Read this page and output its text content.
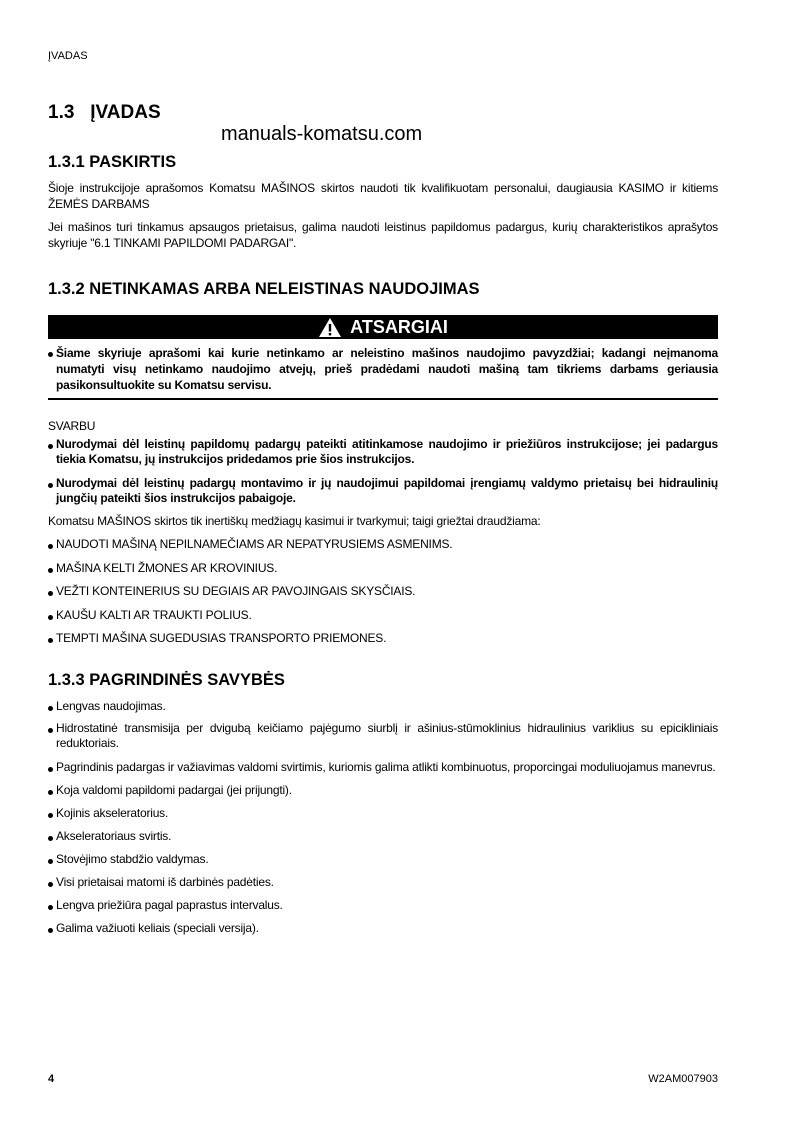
ĮVADAS
1.3 ĮVADAS
manuals-komatsu.com
1.3.1 PASKIRTIS

Šioje instrukcijoje aprašomos Komatsu MAŠINOS skirtos naudoti tik kvalifikuotam personalui, daugiausia KASIMO ir kitiems ŽEMĖS DARBAMS

Jei mašinos turi tinkamus apsaugos prietaisus, galima naudoti leistinus papildomus padargus, kurių charakteristikos aprašytos skyriuje "6.1 TINKAMI PAPILDOMI PADARGAI".

1.3.2 NETINKAMAS ARBA NELEISTINAS NAUDOJIMAS
ATSARGIAI

Šiame skyriuje aprašomi kai kurie netinkamo ar neleistino mašinos naudojimo pavyzdžiai; kadangi neįmanoma numatyti visų netinkamo naudojimo atvejų, prieš pradėdami naudoti mašiną tam tikriems darbams geriausia pasikonsultuokite su Komatsu servisu.

SVARBU

Nurodymai dėl leistinų papildomų padargų pateikti atitinkamose naudojimo ir priežiūros instrukcijose; jei padargus tiekia Komatsu, jų instrukcijos pridedamos prie šios instrukcijos.

Nurodymai dėl leistinų padargų montavimo ir jų naudojimui papildomai įrengiamų valdymo prietaisų bei hidraulinių jungčių pateikti šios instrukcijos pabaigoje.

Komatsu MAŠINOS skirtos tik inertiškų medžiagų kasimui ir tvarkymui; taigi griežtai draudžiama:

NAUDOTI MAŠINĄ NEPILNAMEČIAMS AR NEPATYRUSIEMS ASMENIMS.

MAŠINA KELTI ŽMONES AR KROVINIUS.

VEŽTI KONTEINERIUS SU DEGIAIS AR PAVOJINGAIS SKYSČIAIS.

KAUŠU KALTI AR TRAUKTI POLIUS.

TEMPTI MAŠINA SUGEDUSIAS TRANSPORTO PRIEMONES.

1.3.3 PAGRINDINĖS SAVYBĖS

Lengvas naudojimas.

Hidrostatinė transmisija per dvigubą keičiamo pajėgumo siurblį ir ašinius-stūmoklinius hidraulinius variklius su epicikliniais reduktoriais.

Pagrindinis padargas ir važiavimas valdomi svirtimis, kuriomis galima atlikti kombinuotus, proporcingai moduliuojamus manevrus.

Koja valdomi papildomi padargai (jei prijungti).

Kojinis akseleratorius.

Akseleratoriaus svirtis.

Stovėjimo stabdžio valdymas.

Visi prietaisai matomi iš darbinės padėties.

Lengva priežiūra pagal paprastus intervalus.

Galima važiuoti keliais (speciali versija).

4	W2AM007903
